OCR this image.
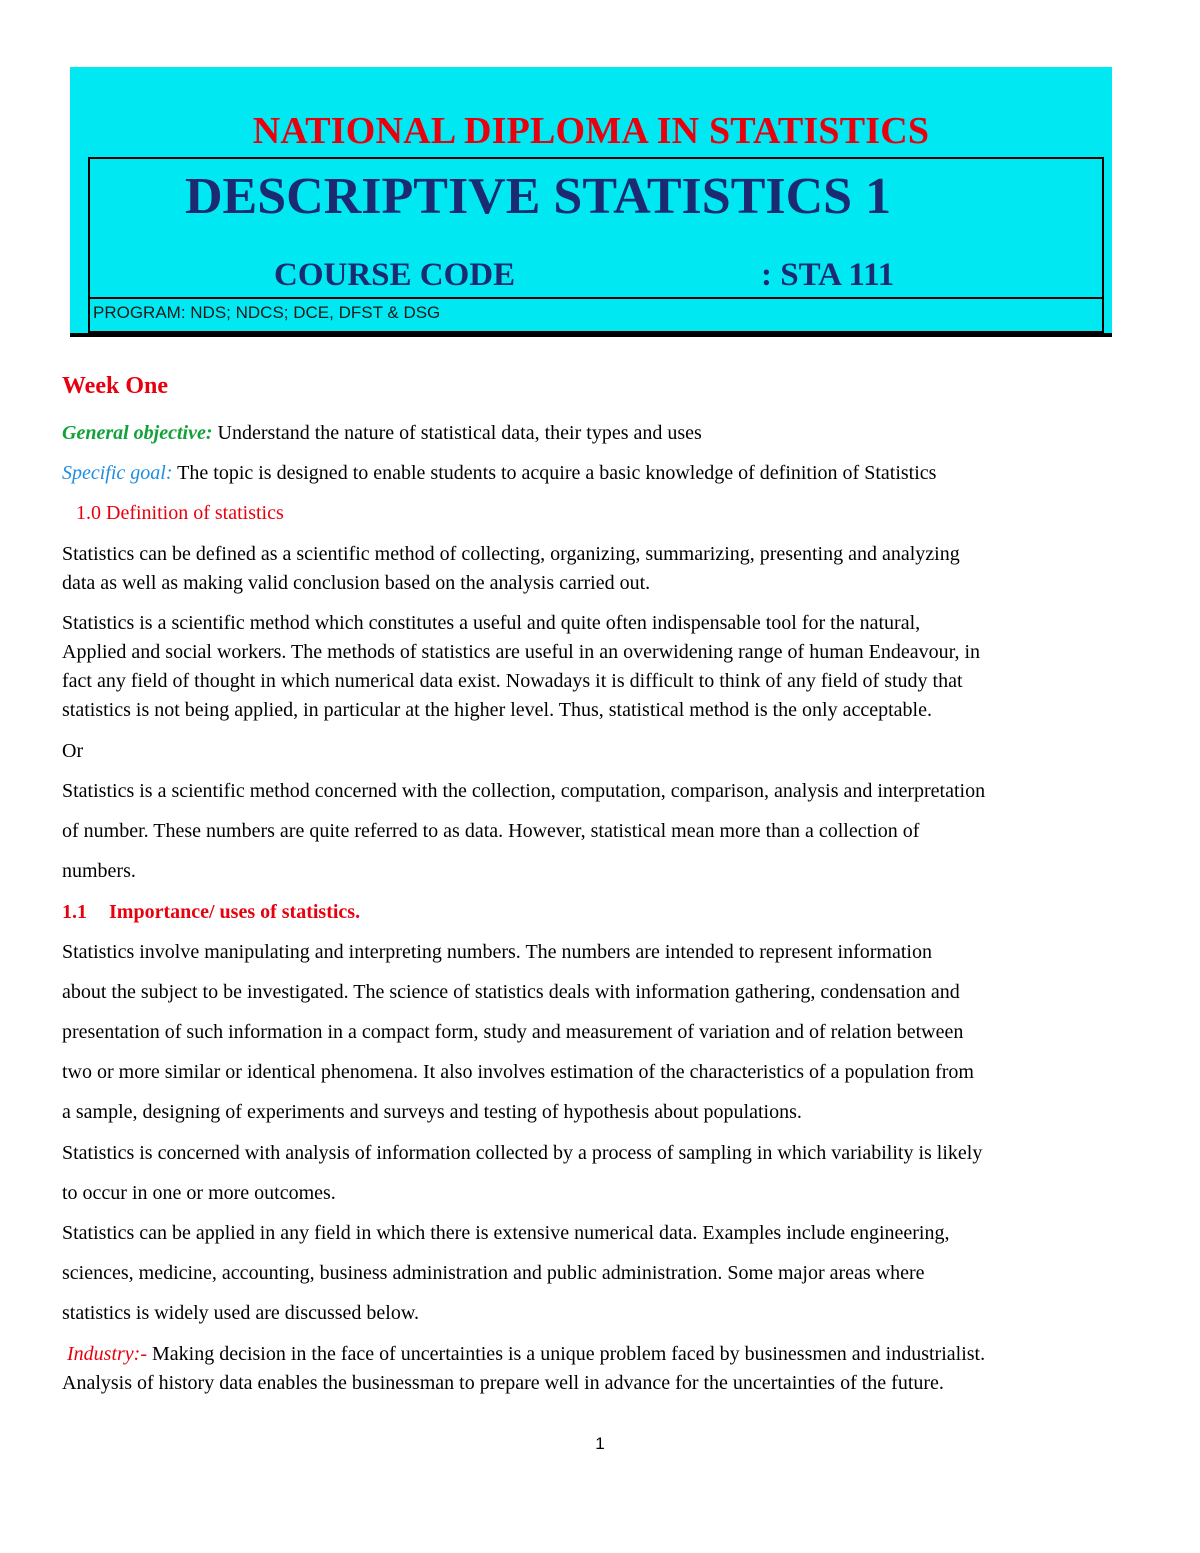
NATIONAL DIPLOMA IN STATISTICS
DESCRIPTIVE STATISTICS 1
COURSE CODE	: STA 111
PROGRAM: NDS; NDCS; DCE, DFST & DSG
Week One
General objective: Understand the nature of statistical data, their types and uses
Specific goal: The topic is designed to enable students to acquire a basic knowledge of definition of Statistics
1.0 Definition of statistics
Statistics can be defined as a scientific method of collecting, organizing, summarizing, presenting and analyzing
data as well as making valid conclusion based on the analysis carried out.
Statistics is a scientific method which constitutes a useful and quite often indispensable tool for the natural,
Applied and social workers. The methods of statistics are useful in an overwidening range of human Endeavour, in
fact any field of thought in which numerical data exist. Nowadays it is difficult to think of any field of study that
statistics is not being applied, in particular at the higher level. Thus, statistical method is the only acceptable.
Or
Statistics is a scientific method concerned with the collection, computation, comparison, analysis and interpretation
of number. These numbers are quite referred to as data. However, statistical mean more than a collection of
numbers.
1.1 Importance/ uses of statistics.
Statistics involve manipulating and interpreting numbers. The numbers are intended to represent information
about the subject to be investigated. The science of statistics deals with information gathering, condensation and
presentation of such information in a compact form, study and measurement of variation and of relation between
two or more similar or identical phenomena. It also involves estimation of the characteristics of a population from
a sample, designing of experiments and surveys and testing of hypothesis about populations.
Statistics is concerned with analysis of information collected by a process of sampling in which variability is likely
to occur in one or more outcomes.
Statistics can be applied in any field in which there is extensive numerical data. Examples include engineering,
sciences, medicine, accounting, business administration and public administration. Some major areas where
statistics is widely used are discussed below.
Industry:- Making decision in the face of uncertainties is a unique problem faced by businessmen and industrialist.
Analysis of history data enables the businessman to prepare well in advance for the uncertainties of the future.
1
